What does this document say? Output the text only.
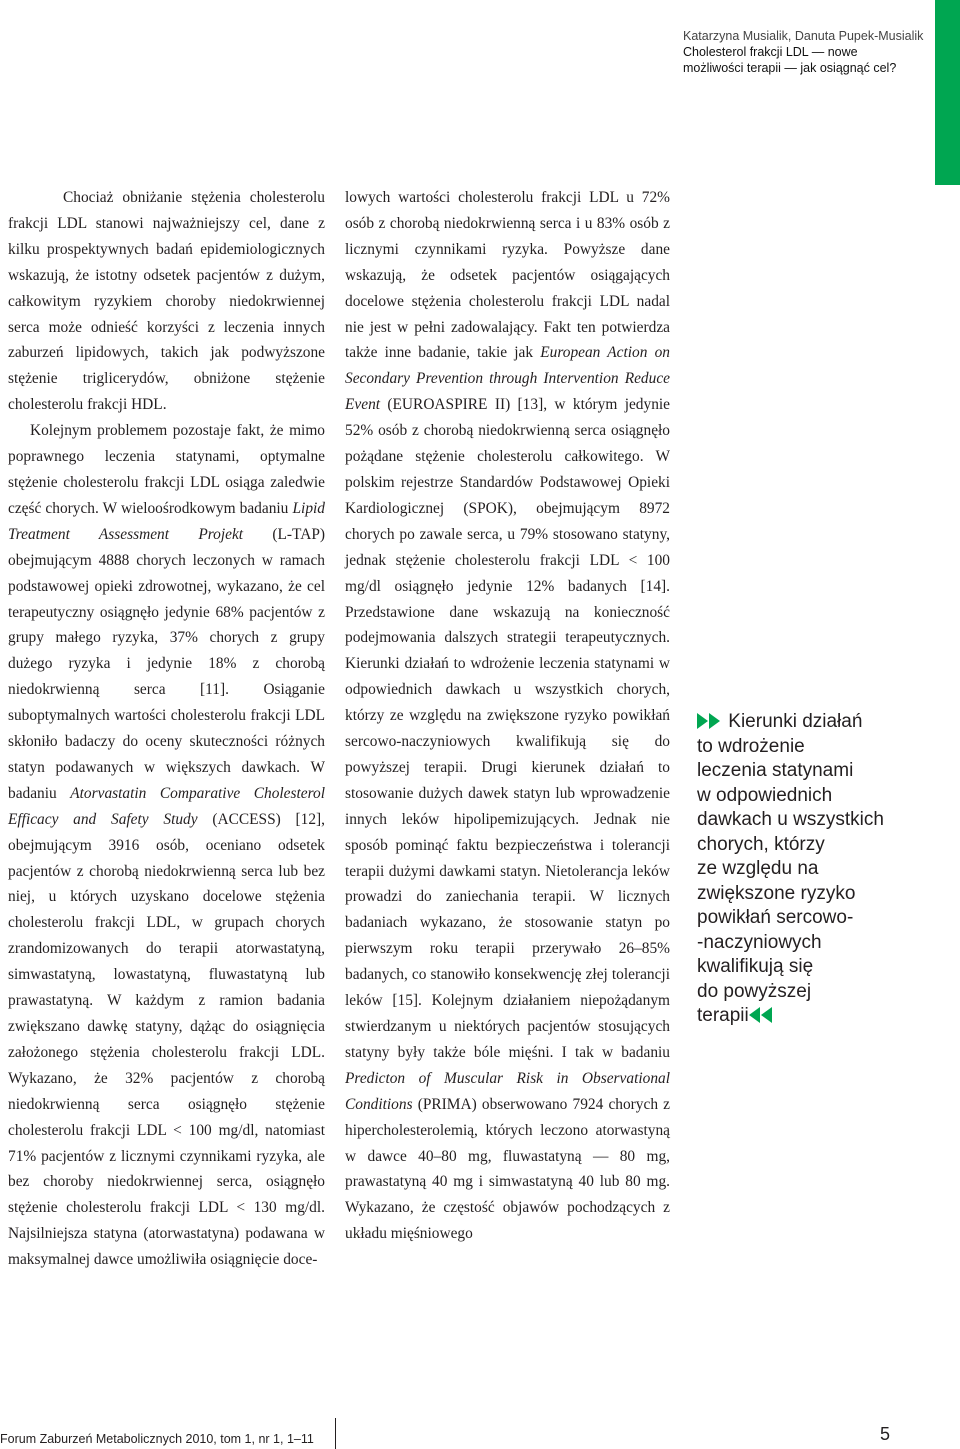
Katarzyna Musialik, Danuta Pupek-Musialik
Cholesterol frakcji LDL — nowe
możliwości terapii — jak osiągnąć cel?

Chociaż obniżanie stężenia cholesterolu frakcji LDL stanowi najważniejszy cel, dane z kilku prospektywnych badań epidemiologicznych wskazują, że istotny odsetek pacjentów z dużym, całkowitym ryzykiem choroby niedokrwiennej serca może odnieść korzyści z leczenia innych zaburzeń lipidowych, takich jak podwyższone stężenie triglicerydów, obniżone stężenie cholesterolu frakcji HDL.

Kolejnym problemem pozostaje fakt, że mimo poprawnego leczenia statynami, optymalne stężenie cholesterolu frakcji LDL osiąga zaledwie część chorych. W wieloośrodkowym badaniu Lipid Treatment Assessment Projekt (L-TAP) obejmującym 4888 chorych leczonych w ramach podstawowej opieki zdrowotnej, wykazano, że cel terapeutyczny osiągnęło jedynie 68% pacjentów z grupy małego ryzyka, 37% chorych z grupy dużego ryzyka i jedynie 18% z chorobą niedokrwienną serca [11]. Osiąganie suboptymalnych wartości cholesterolu frakcji LDL skłoniło badaczy do oceny skuteczności różnych statyn podawanych w większych dawkach. W badaniu Atorvastatin Comparative Cholesterol Efficacy and Safety Study (ACCESS) [12], obejmującym 3916 osób, oceniano odsetek pacjentów z chorobą niedokrwienną serca lub bez niej, u których uzyskano docelowe stężenia cholesterolu frakcji LDL, w grupach chorych zrandomizowanych do terapii atorwastatyną, simwastatyną, lowastatyną, fluwastatyną lub prawastatyną. W każdym z ramion badania zwiększano dawkę statyny, dążąc do osiągnięcia założonego stężenia cholesterolu frakcji LDL. Wykazano, że 32% pacjentów z chorobą niedokrwienną serca osiągnęło stężenie cholesterolu frakcji LDL < 100 mg/dl, natomiast 71% pacjentów z licznymi czynnikami ryzyka, ale bez choroby niedokrwiennej serca, osiągnęło stężenie cholesterolu frakcji LDL < 130 mg/dl. Najsilniejsza statyna (atorwastatyna) podawana w maksymalnej dawce umożliwiła osiągnięcie doce-

lowych wartości cholesterolu frakcji LDL u 72% osób z chorobą niedokrwienną serca i u 83% osób z licznymi czynnikami ryzyka. Powyższe dane wskazują, że odsetek pacjentów osiągających docelowe stężenia cholesterolu frakcji LDL nadal nie jest w pełni zadowalający. Fakt ten potwierdza także inne badanie, takie jak European Action on Secondary Prevention through Intervention Reduce Event (EUROASPIRE II) [13], w którym jedynie 52% osób z chorobą niedokrwienną serca osiągnęło pożądane stężenie cholesterolu całkowitego. W polskim rejestrze Standardów Podstawowej Opieki Kardiologicznej (SPOK), obejmującym 8972 chorych po zawale serca, u 79% stosowano statyny, jednak stężenie cholesterolu frakcji LDL < 100 mg/dl osiągnęło jedynie 12% badanych [14]. Przedstawione dane wskazują na konieczność podejmowania dalszych strategii terapeutycznych. Kierunki działań to wdrożenie leczenia statynami w odpowiednich dawkach u wszystkich chorych, którzy ze względu na zwiększone ryzyko powikłań sercowo-naczyniowych kwalifikują się do powyższej terapii. Drugi kierunek działań to stosowanie dużych dawek statyn lub wprowadzenie innych leków hipolipemizujących. Jednak nie sposób pominąć faktu bezpieczeństwa i tolerancji terapii dużymi dawkami statyn. Nietolerancja leków prowadzi do zaniechania terapii. W licznych badaniach wykazano, że stosowanie statyn po pierwszym roku terapii przerywało 26–85% badanych, co stanowiło konsekwencję złej tolerancji leków [15]. Kolejnym działaniem niepożądanym stwierdzanym u niektórych pacjentów stosujących statyny były także bóle mięśni. I tak w badaniu Predicton of Muscular Risk in Observational Conditions (PRIMA) obserwowano 7924 chorych z hipercholesterolemią, których leczono atorwastyną w dawce 40–80 mg, fluwastatyną — 80 mg, prawastatyną 40 mg i simwastatyną 40 lub 80 mg. Wykazano, że częstość objawów pochodzących z układu mięśniowego

Kierunki działań
to wdrożenie
leczenia statynami
w odpowiednich
dawkach u wszystkich
chorych, którzy
ze względu na
zwiększone ryzyko
powikłań sercowo-
-naczyniowych
kwalifikują się
do powyższej
terapii
Forum Zaburzeń Metabolicznych 2010, tom 1, nr 1, 1–11	5
